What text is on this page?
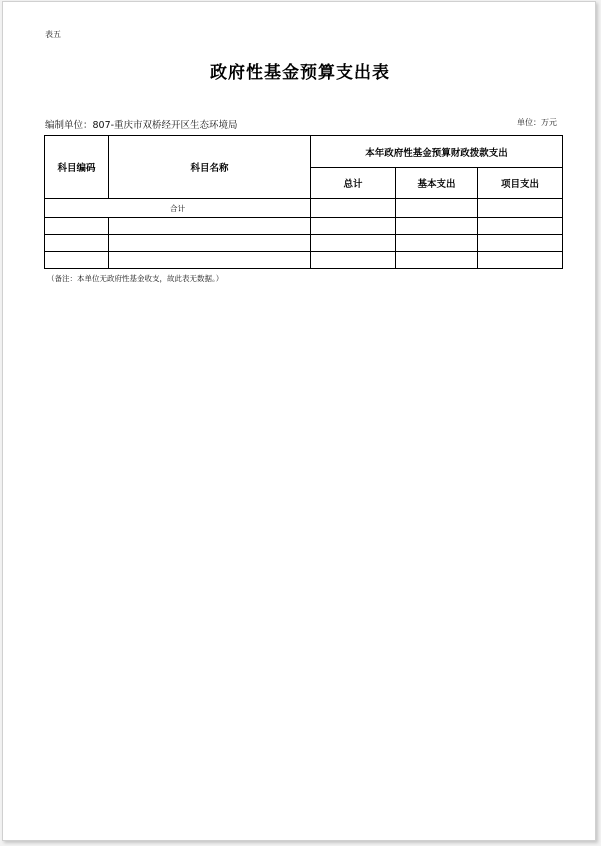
表五
政府性基金预算支出表
编制单位：807-重庆市双桥经开区生态环境局	单位：万元
科目编码	科目名称	本年政府性基金预算财政拨款支出		
		总计	基本支出	项目支出
合计				

（备注：本单位无政府性基金收支，故此表无数据。）
